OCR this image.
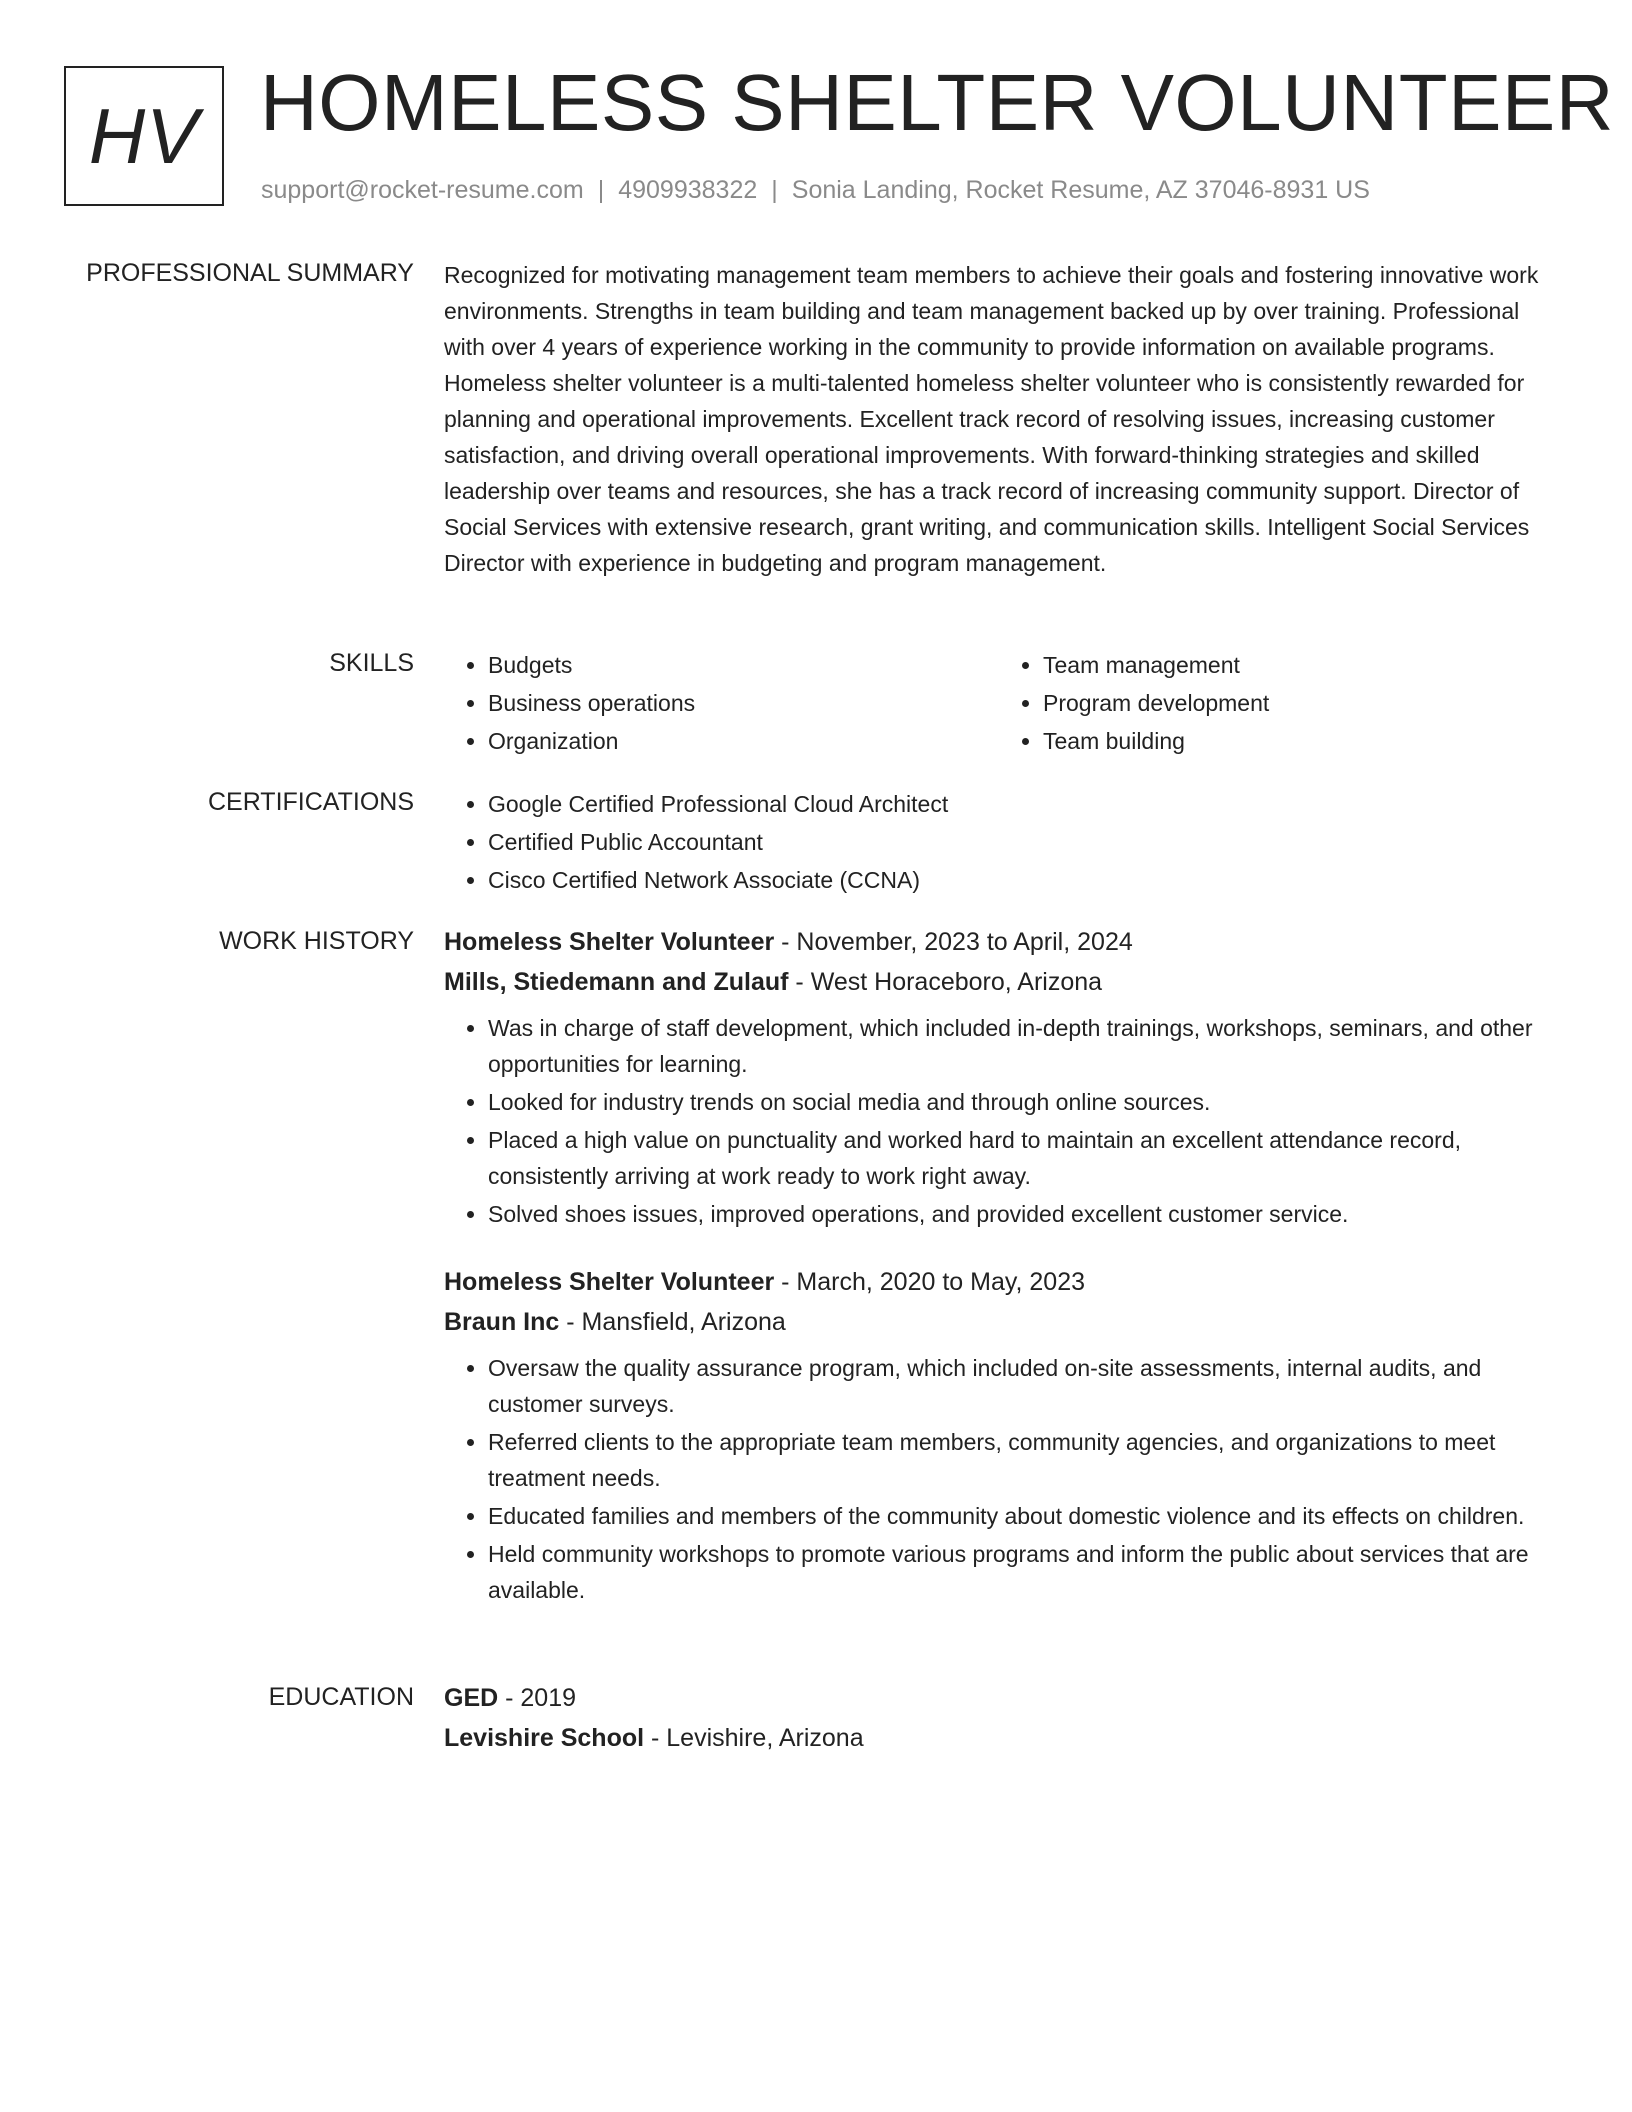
HV HOMELESS SHELTER VOLUNTEER
support@rocket-resume.com | 4909938322 | Sonia Landing, Rocket Resume, AZ 37046-8931 US
PROFESSIONAL SUMMARY Recognized for motivating management team members to achieve their goals and fostering innovative work environments. Strengths in team building and team management backed up by over training. Professional with over 4 years of experience working in the community to provide information on available programs. Homeless shelter volunteer is a multi-talented homeless shelter volunteer who is consistently rewarded for planning and operational improvements. Excellent track record of resolving issues, increasing customer satisfaction, and driving overall operational improvements. With forward-thinking strategies and skilled leadership over teams and resources, she has a track record of increasing community support. Director of Social Services with extensive research, grant writing, and communication skills. Intelligent Social Services Director with experience in budgeting and program management.

SKILLS	• Budgets
• Business operations
• Organization
• Team management
• Program development
• Team building
CERTIFICATIONS	• Google Certified Professional Cloud Architect
• Certified Public Accountant
• Cisco Certified Network Associate (CCNA)
WORK HISTORY Homeless Shelter Volunteer - November, 2023 to April, 2024
Mills, Stiedemann and Zulauf - West Horaceboro, Arizona
• Was in charge of staff development, which included in-depth trainings, workshops, seminars, and other opportunities for learning.
• Looked for industry trends on social media and through online sources.
• Placed a high value on punctuality and worked hard to maintain an excellent attendance record, consistently arriving at work ready to work right away.
• Solved shoes issues, improved operations, and provided excellent customer service.
Homeless Shelter Volunteer - March, 2020 to May, 2023
Braun Inc - Mansfield, Arizona
• Oversaw the quality assurance program, which included on-site assessments, internal audits, and customer surveys.
• Referred clients to the appropriate team members, community agencies, and organizations to meet treatment needs.
• Educated families and members of the community about domestic violence and its effects on children.
• Held community workshops to promote various programs and inform the public about services that are available.
EDUCATION GED - 2019
Levishire School - Levishire, Arizona
